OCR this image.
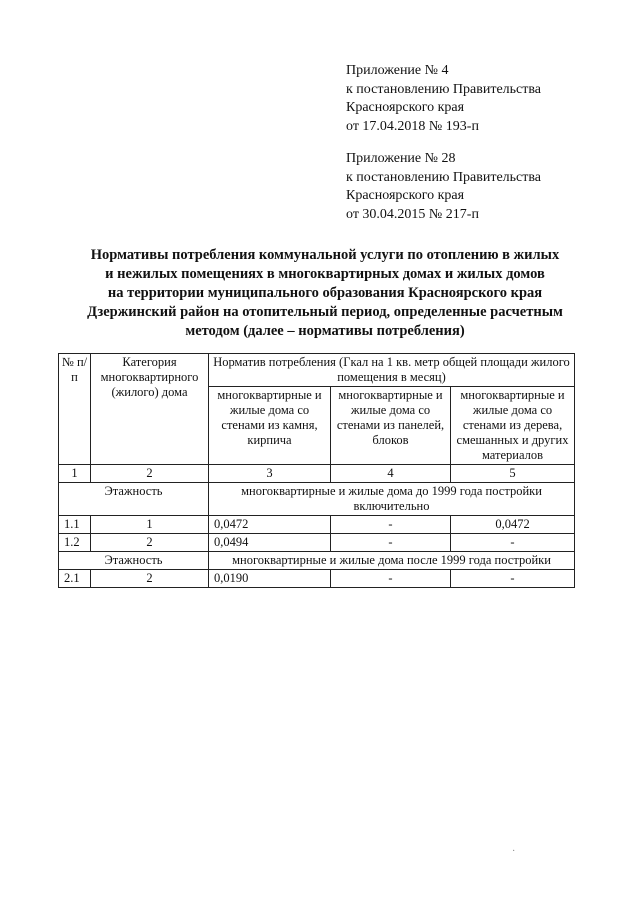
Приложение № 4
к постановлению Правительства
Красноярского края
от 17.04.2018 № 193-п
Приложение № 28
к постановлению Правительства
Красноярского края
от 30.04.2015 № 217-п
Нормативы потребления коммунальной услуги по отоплению в жилых
и нежилых помещениях в многоквартирных домах и жилых домов
на территории муниципального образования Красноярского края
Дзержинский район на отопительный период, определенные расчетным
методом (далее – нормативы потребления)
№ п/п	Категория многоквартирного (жилого) дома	Норматив потребления (Гкал на 1 кв. метр общей площади жилого помещения в месяц)		
		многоквартирные и жилые дома со стенами из камня, кирпича	многоквартирные и жилые дома со стенами из панелей, блоков	многоквартирные и жилые дома со стенами из дерева, смешанных и других материалов
1	2	3	4	5
Этажность		многоквартирные и жилые дома до 1999 года постройки включительно		
1.1	1	0,0472	-	0,0472
1.2	2	0,0494	-	-
Этажность		многоквартирные и жилые дома после 1999 года постройки		
2.1	2	0,0190	-	-
·
